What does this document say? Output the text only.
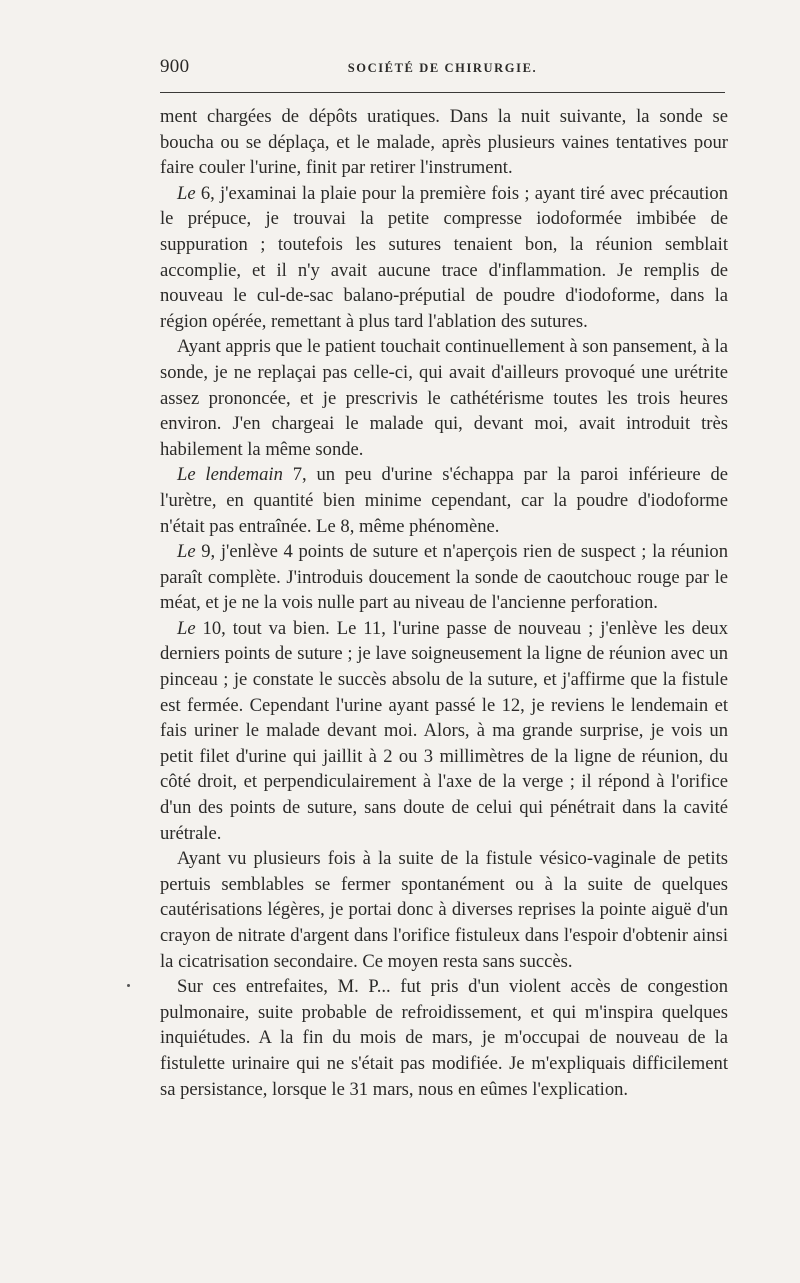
900	SOCIÉTÉ DE CHIRURGIE.

ment chargées de dépôts uratiques. Dans la nuit suivante, la sonde se boucha ou se déplaça, et le malade, après plusieurs vaines tentatives pour faire couler l'urine, finit par retirer l'instrument.

Le 6, j'examinai la plaie pour la première fois ; ayant tiré avec précaution le prépuce, je trouvai la petite compresse iodoformée imbibée de suppuration ; toutefois les sutures tenaient bon, la réunion semblait accomplie, et il n'y avait aucune trace d'inflammation. Je remplis de nouveau le cul-de-sac balano-préputial de poudre d'iodoforme, dans la région opérée, remettant à plus tard l'ablation des sutures.

Ayant appris que le patient touchait continuellement à son pansement, à la sonde, je ne replaçai pas celle-ci, qui avait d'ailleurs provoqué une urétrite assez prononcée, et je prescrivis le cathétérisme toutes les trois heures environ. J'en chargeai le malade qui, devant moi, avait introduit très habilement la même sonde.

Le lendemain 7, un peu d'urine s'échappa par la paroi inférieure de l'urètre, en quantité bien minime cependant, car la poudre d'iodoforme n'était pas entraînée. Le 8, même phénomène.

Le 9, j'enlève 4 points de suture et n'aperçois rien de suspect ; la réunion paraît complète. J'introduis doucement la sonde de caoutchouc rouge par le méat, et je ne la vois nulle part au niveau de l'ancienne perforation.

Le 10, tout va bien. Le 11, l'urine passe de nouveau ; j'enlève les deux derniers points de suture ; je lave soigneusement la ligne de réunion avec un pinceau ; je constate le succès absolu de la suture, et j'affirme que la fistule est fermée. Cependant l'urine ayant passé le 12, je reviens le lendemain et fais uriner le malade devant moi. Alors, à ma grande surprise, je vois un petit filet d'urine qui jaillit à 2 ou 3 millimètres de la ligne de réunion, du côté droit, et perpendiculairement à l'axe de la verge ; il répond à l'orifice d'un des points de suture, sans doute de celui qui pénétrait dans la cavité urétrale.

Ayant vu plusieurs fois à la suite de la fistule vésico-vaginale de petits pertuis semblables se fermer spontanément ou à la suite de quelques cautérisations légères, je portai donc à diverses reprises la pointe aiguë d'un crayon de nitrate d'argent dans l'orifice fistuleux dans l'espoir d'obtenir ainsi la cicatrisation secondaire. Ce moyen resta sans succès.

Sur ces entrefaites, M. P... fut pris d'un violent accès de congestion pulmonaire, suite probable de refroidissement, et qui m'inspira quelques inquiétudes. A la fin du mois de mars, je m'occupai de nouveau de la fistulette urinaire qui ne s'était pas modifiée. Je m'expliquais difficilement sa persistance, lorsque le 31 mars, nous en eûmes l'explication.
